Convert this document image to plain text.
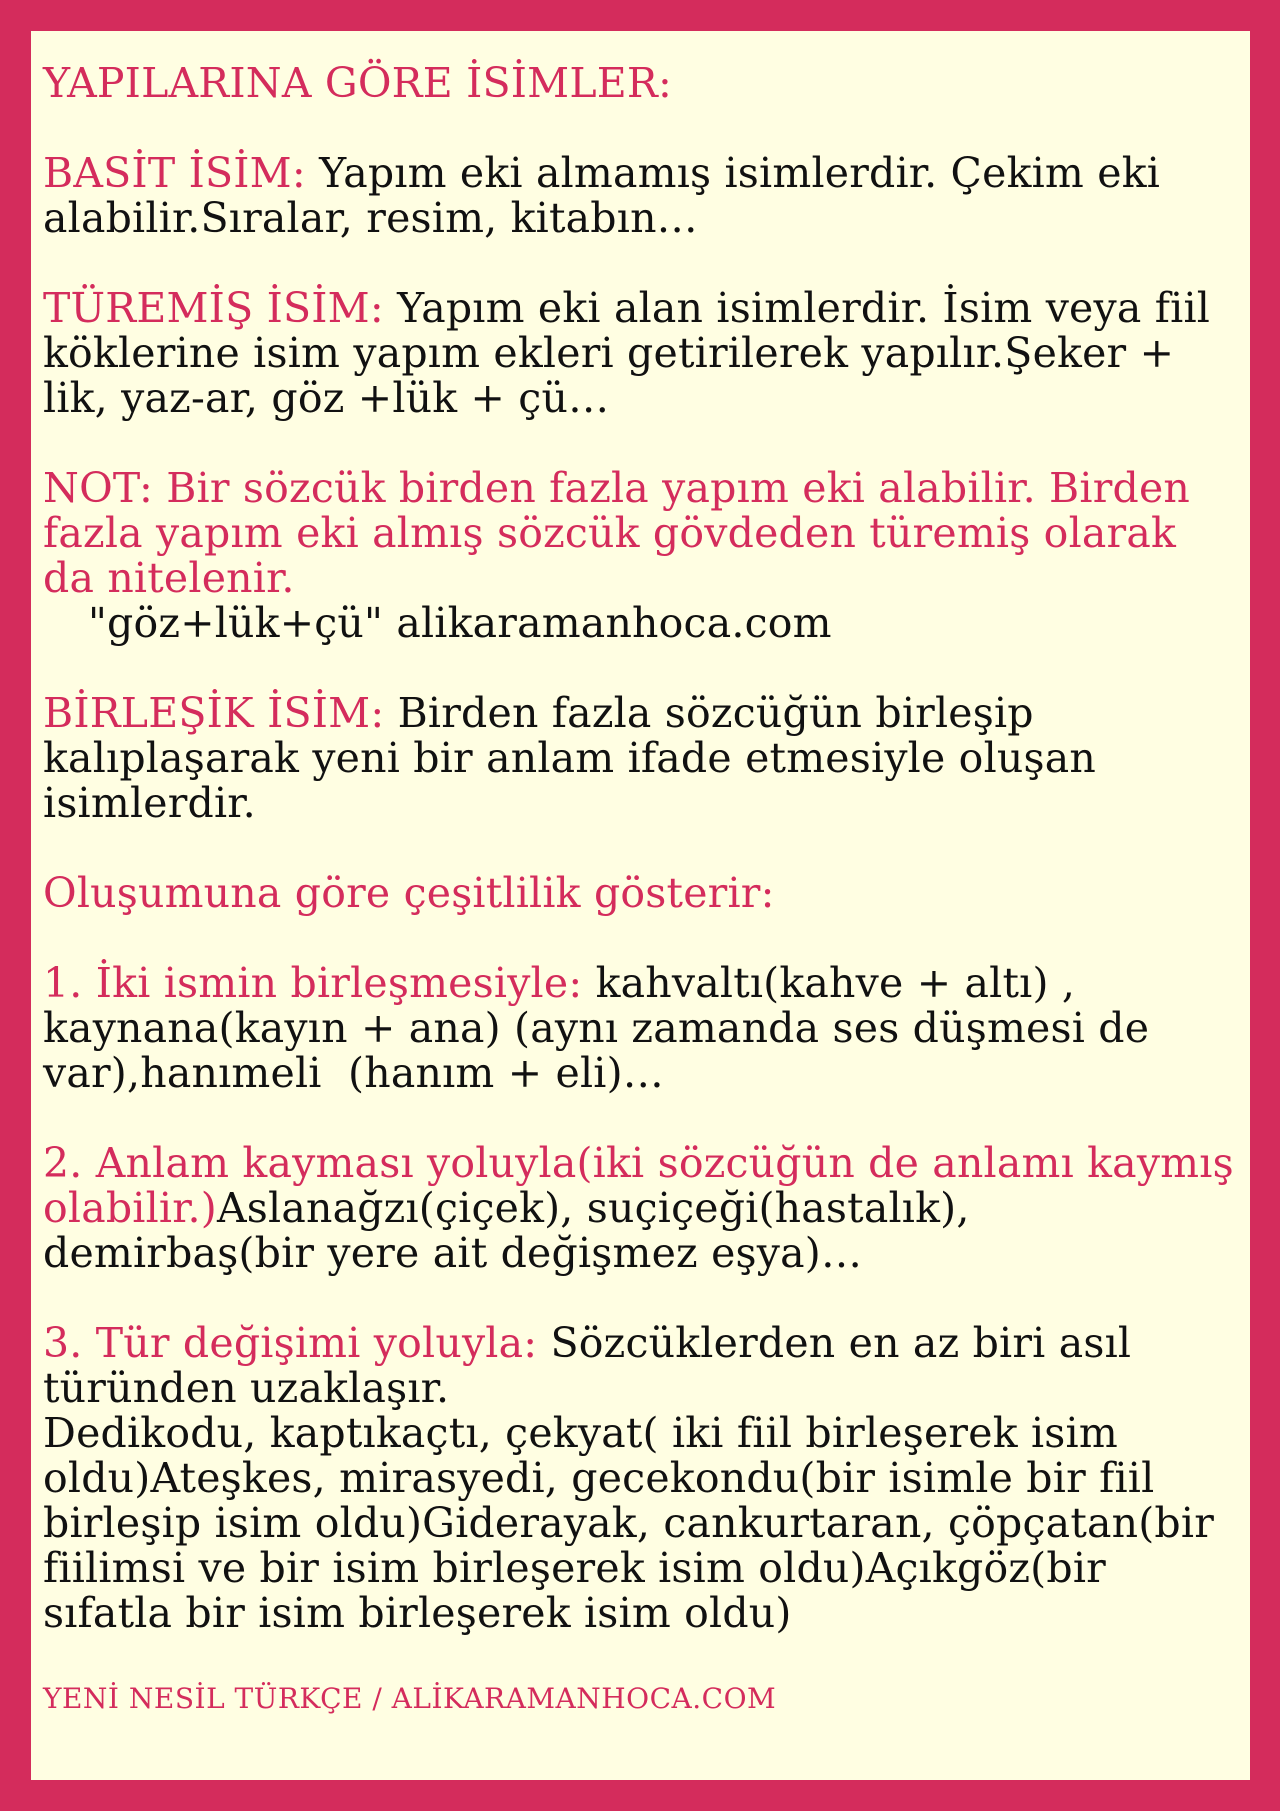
YAPILARINA GÖRE İSİMLER:

BASİT İSİM: Yapım eki almamış isimlerdir. Çekim eki alabilir.Sıralar, resim, kitabın…

TÜREMİŞ İSİM: Yapım eki alan isimlerdir. İsim veya fiil köklerine isim yapım ekleri getirilerek yapılır.Şeker + lik, yaz-ar, göz +lük + çü…

NOT: Bir sözcük birden fazla yapım eki alabilir. Birden fazla yapım eki almış sözcük gövdeden türemiş olarak da nitelenir.
"göz+lük+çü" alikaramanhoca.com

BİRLEŞİK İSİM: Birden fazla sözcüğün birleşip kalıplaşarak yeni bir anlam ifade etmesiyle oluşan isimlerdir.

Oluşumuna göre çeşitlilik gösterir:

1. İki ismin birleşmesiyle: kahvaltı(kahve + altı) , kaynana(kayın + ana) (aynı zamanda ses düşmesi de var),hanımeli  (hanım + eli)…

2. Anlam kayması yoluyla(iki sözcüğün de anlamı kaymış olabilir.)Aslanağzı(çiçek), suçiçeği(hastalık), demirbaş(bir yere ait değişmez eşya)…

3. Tür değişimi yoluyla: Sözcüklerden en az biri asıl türünden uzaklaşır.
Dedikodu, kaptıkaçtı, çekyat( iki fiil birleşerek isim oldu)Ateşkes, mirasyedi, gecekondu(bir isimle bir fiil birleşip isim oldu)Giderayak, cankurtaran, çöpçatan(bir fiilimsi ve bir isim birleşerek isim oldu)Açıkgöz(bir sıfatla bir isim birleşerek isim oldu)

YENİ NESİL TÜRKÇE / ALİKARAMANHOCA.COM
